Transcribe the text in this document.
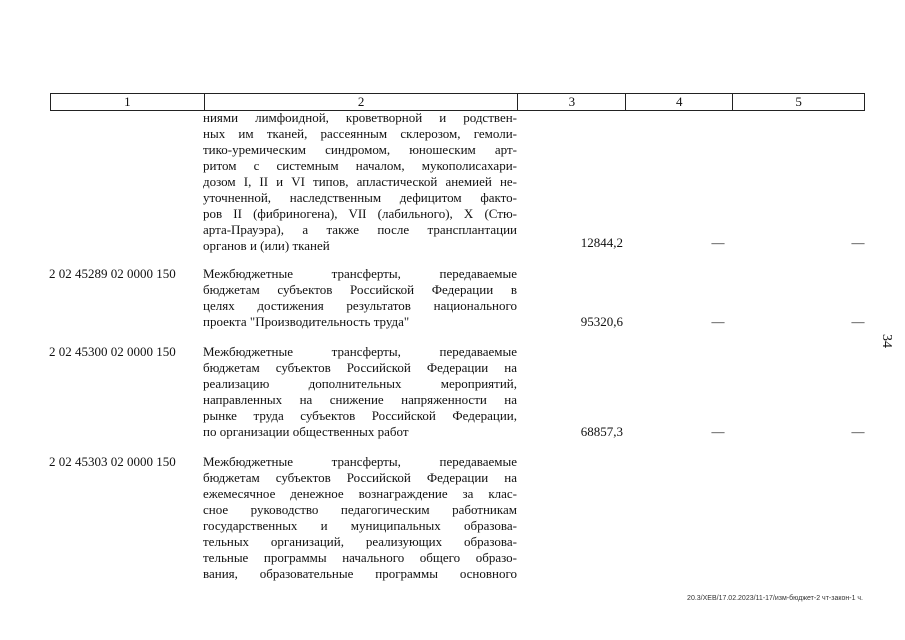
1	2	3	4	5
ниями лимфоидной, кроветворной и родствен-
ных им тканей, рассеянным склерозом, гемоли-
тико-уремическим синдромом, юношеским арт-
ритом с системным началом, мукополисахари-
дозом I, II и VI типов, апластической анемией не-
уточненной, наследственным дефицитом факто-
ров II (фибриногена), VII (лабильного), X (Стю-
арта-Прауэра), а также после трансплантации
органов и (или) тканей	12844,2	—	—
2 02 45289 02 0000 150 Межбюджетные трансферты, передаваемые
бюджетам субъектов Российской Федерации в
целях достижения результатов национального
проекта "Производительность труда"	95320,6	—	—
2 02 45300 02 0000 150 Межбюджетные трансферты, передаваемые
бюджетам субъектов Российской Федерации на
реализацию дополнительных мероприятий,
направленных на снижение напряженности на
рынке труда субъектов Российской Федерации,
по организации общественных работ	68857,3	—	—
2 02 45303 02 0000 150 Межбюджетные трансферты, передаваемые
бюджетам субъектов Российской Федерации на
ежемесячное денежное вознаграждение за клас-
сное руководство педагогическим работникам
государственных и муниципальных образова-
тельных организаций, реализующих образова-
тельные программы начального общего образо-
вания, образовательные программы основного
34
20.3/ХЕВ/17.02.2023/11-17/изм-бюджет-2 чт-закон-1 ч.
